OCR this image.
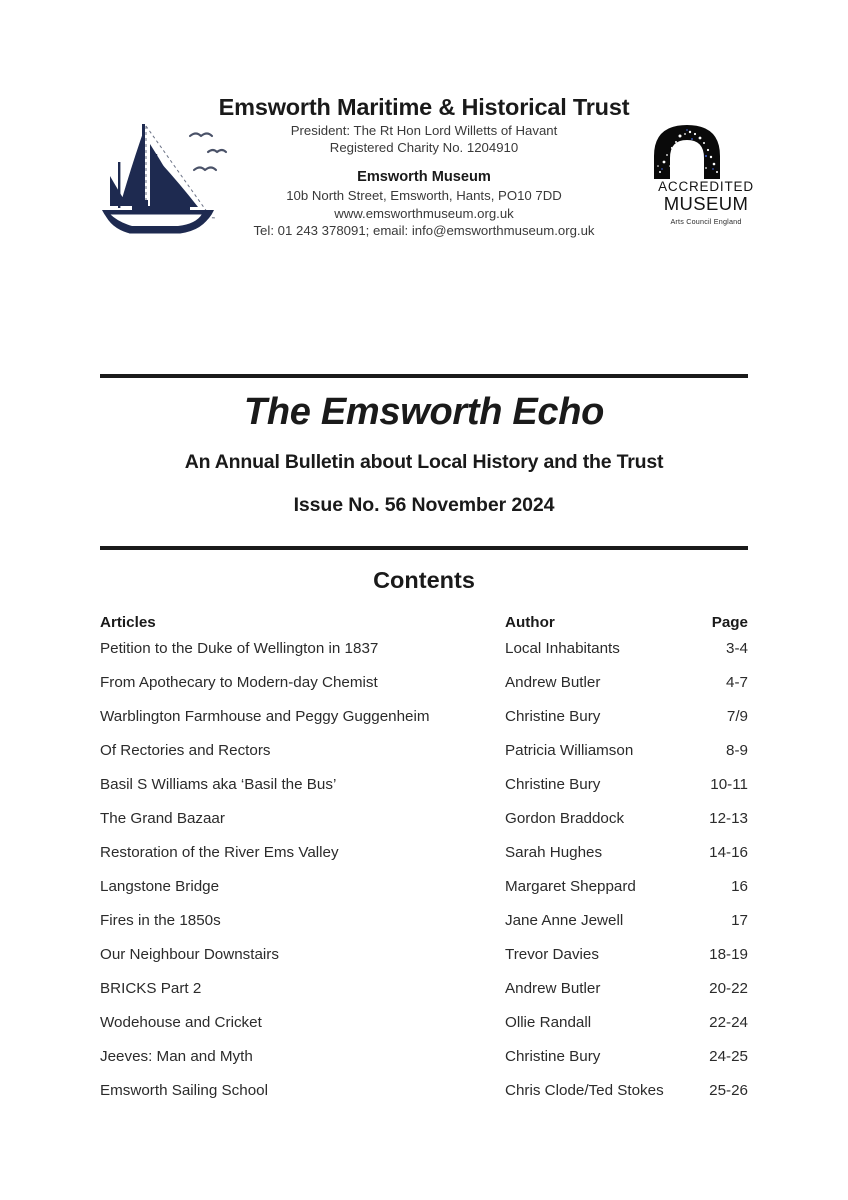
Emsworth Maritime & Historical Trust
President: The Rt Hon Lord Willetts of Havant
Registered Charity No. 1204910
Emsworth Museum
10b North Street, Emsworth, Hants, PO10 7DD
www.emsworthmuseum.org.uk
Tel: 01 243 378091; email: info@emsworthmuseum.org.uk
ACCREDITED
MUSEUM
Arts Council England
The Emsworth Echo
An Annual Bulletin about Local History and the Trust
Issue No. 56 November 2024
Contents
Articles	Author	Page
Petition to the Duke of Wellington in 1837	Local Inhabitants	3-4
From Apothecary to Modern-day Chemist	Andrew Butler	4-7
Warblington Farmhouse and Peggy Guggenheim	Christine Bury	7/9
Of Rectories and Rectors	Patricia Williamson	8-9
Basil S Williams aka ‘Basil the Bus’	Christine Bury	10-11
The Grand Bazaar	Gordon Braddock	12-13
Restoration of the River Ems Valley	Sarah Hughes	14-16
Langstone Bridge	Margaret Sheppard	16
Fires in the 1850s	Jane Anne Jewell	17
Our Neighbour Downstairs	Trevor Davies	18-19
BRICKS Part 2	Andrew Butler	20-22
Wodehouse and Cricket	Ollie Randall	22-24
Jeeves: Man and Myth	Christine Bury	24-25
Emsworth Sailing School	Chris Clode/Ted Stokes	25-26
